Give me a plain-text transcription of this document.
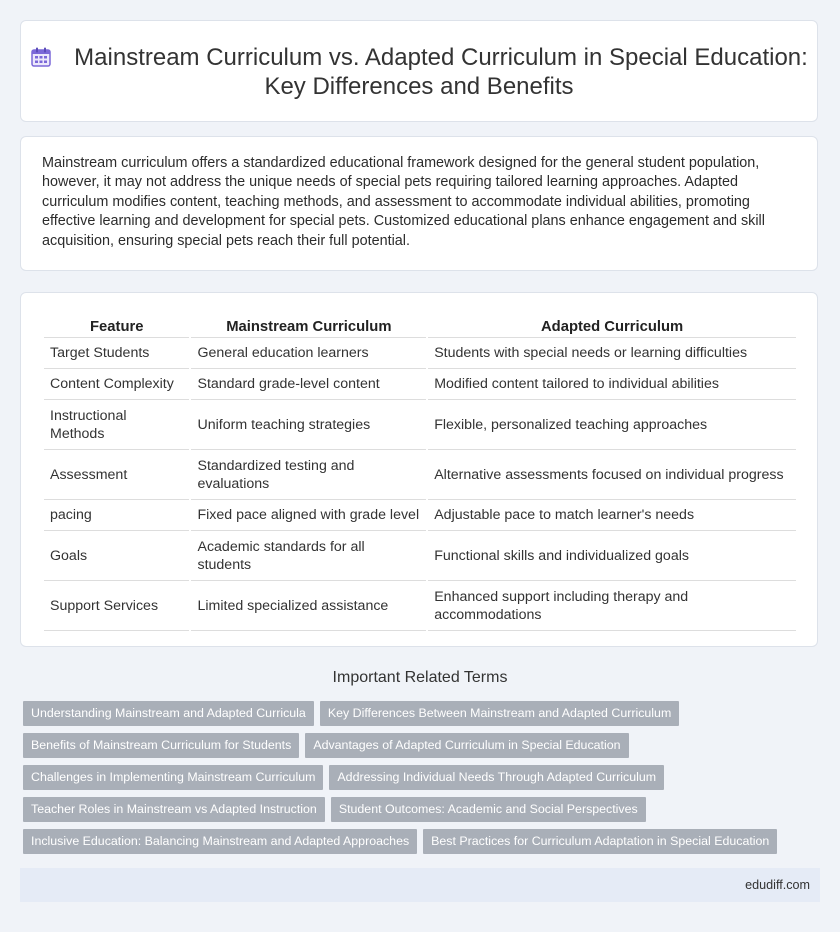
Mainstream Curriculum vs. Adapted Curriculum in Special Education: Key Differences and Benefits
Mainstream curriculum offers a standardized educational framework designed for the general student population, however, it may not address the unique needs of special pets requiring tailored learning approaches. Adapted curriculum modifies content, teaching methods, and assessment to accommodate individual abilities, promoting effective learning and development for special pets. Customized educational plans enhance engagement and skill acquisition, ensuring special pets reach their full potential.
Feature	Mainstream Curriculum	Adapted Curriculum
Target Students	General education learners	Students with special needs or learning difficulties
Content Complexity	Standard grade-level content	Modified content tailored to individual abilities
Instructional Methods	Uniform teaching strategies	Flexible, personalized teaching approaches
Assessment	Standardized testing and evaluations	Alternative assessments focused on individual progress
pacing	Fixed pace aligned with grade level	Adjustable pace to match learner's needs
Goals	Academic standards for all students	Functional skills and individualized goals
Support Services	Limited specialized assistance	Enhanced support including therapy and accommodations
Important Related Terms
Understanding Mainstream and Adapted Curricula Key Differences Between Mainstream and Adapted Curriculum
Benefits of Mainstream Curriculum for Students Advantages of Adapted Curriculum in Special Education
Challenges in Implementing Mainstream Curriculum Addressing Individual Needs Through Adapted Curriculum
Teacher Roles in Mainstream vs Adapted Instruction Student Outcomes: Academic and Social Perspectives
Inclusive Education: Balancing Mainstream and Adapted Approaches Best Practices for Curriculum Adaptation in Special Education
edudiff.com
